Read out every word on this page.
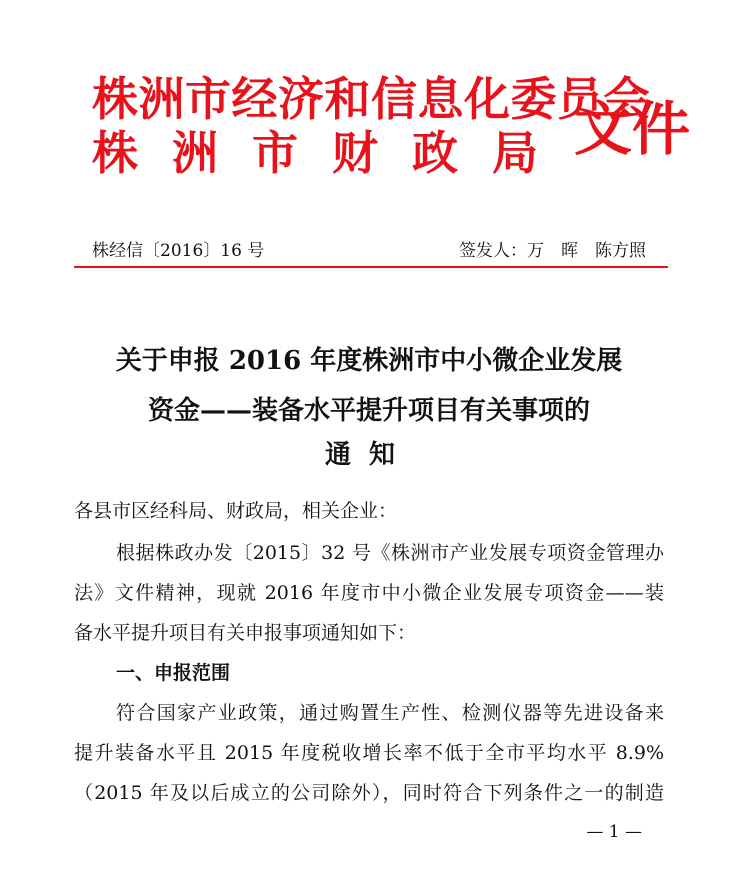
株洲市经济和信息化委员会
株洲市财政局 文件
株经信〔2016〕16 号	签发人：万　晖　陈方照
关于申报 2016 年度株洲市中小微企业发展
资金——装备水平提升项目有关事项的
通知
各县市区经科局、财政局，相关企业：
根据株政办发〔2015〕32 号《株洲市产业发展专项资金管理办
法》文件精神，现就 2016 年度市中小微企业发展专项资金——装
备水平提升项目有关申报事项通知如下：
一、申报范围
符合国家产业政策，通过购置生产性、检测仪器等先进设备来
提升装备水平且 2015 年度税收增长率不低于全市平均水平 8.9%
（2015 年及以后成立的公司除外），同时符合下列条件之一的制造
— 1 —
